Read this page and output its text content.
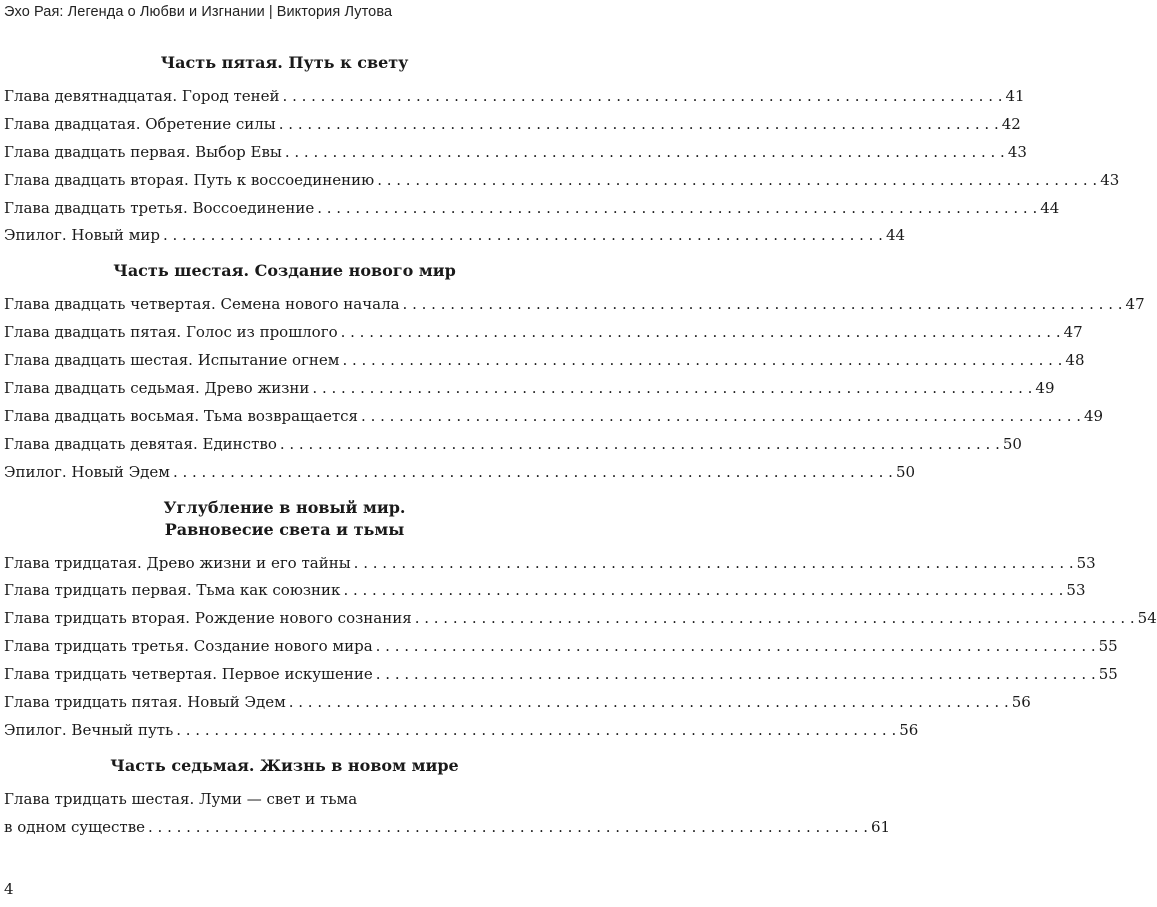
Эхо Рая: Легенда о Любви и Изгнании | Виктория Лутова
Часть пятая. Путь к свету
Глава девятнадцатая. Город теней . . .	41
Глава двадцатая. Обретение силы . . .	42
Глава двадцать первая. Выбор Евы . . .	43
Глава двадцать вторая. Путь к воссоединению . . .	43
Глава двадцать третья. Воссоединение . . .	44
Эпилог. Новый мир . . .	44
Часть шестая. Создание нового мир
Глава двадцать четвертая. Семена нового начала . . .	47
Глава двадцать пятая. Голос из прошлого . . .	47
Глава двадцать шестая. Испытание огнем . . .	48
Глава двадцать седьмая. Древо жизни . . .	49
Глава двадцать восьмая. Тьма возвращается . . .	49
Глава двадцать девятая. Единство . . .	50
Эпилог. Новый Эдем . . .	50
Углубление в новый мир.
Равновесие света и тьмы
Глава тридцатая. Древо жизни и его тайны . . .	53
Глава тридцать первая. Тьма как союзник . . .	53
Глава тридцать вторая. Рождение нового сознания . . .	54
Глава тридцать третья. Создание нового мира . . .	55
Глава тридцать четвертая. Первое искушение . . .	55
Глава тридцать пятая. Новый Эдем . . .	56
Эпилог. Вечный путь . . .	56
Часть седьмая. Жизнь в новом мире
Глава тридцать шестая. Луми — свет и тьма
в одном существе . . .	61
4
